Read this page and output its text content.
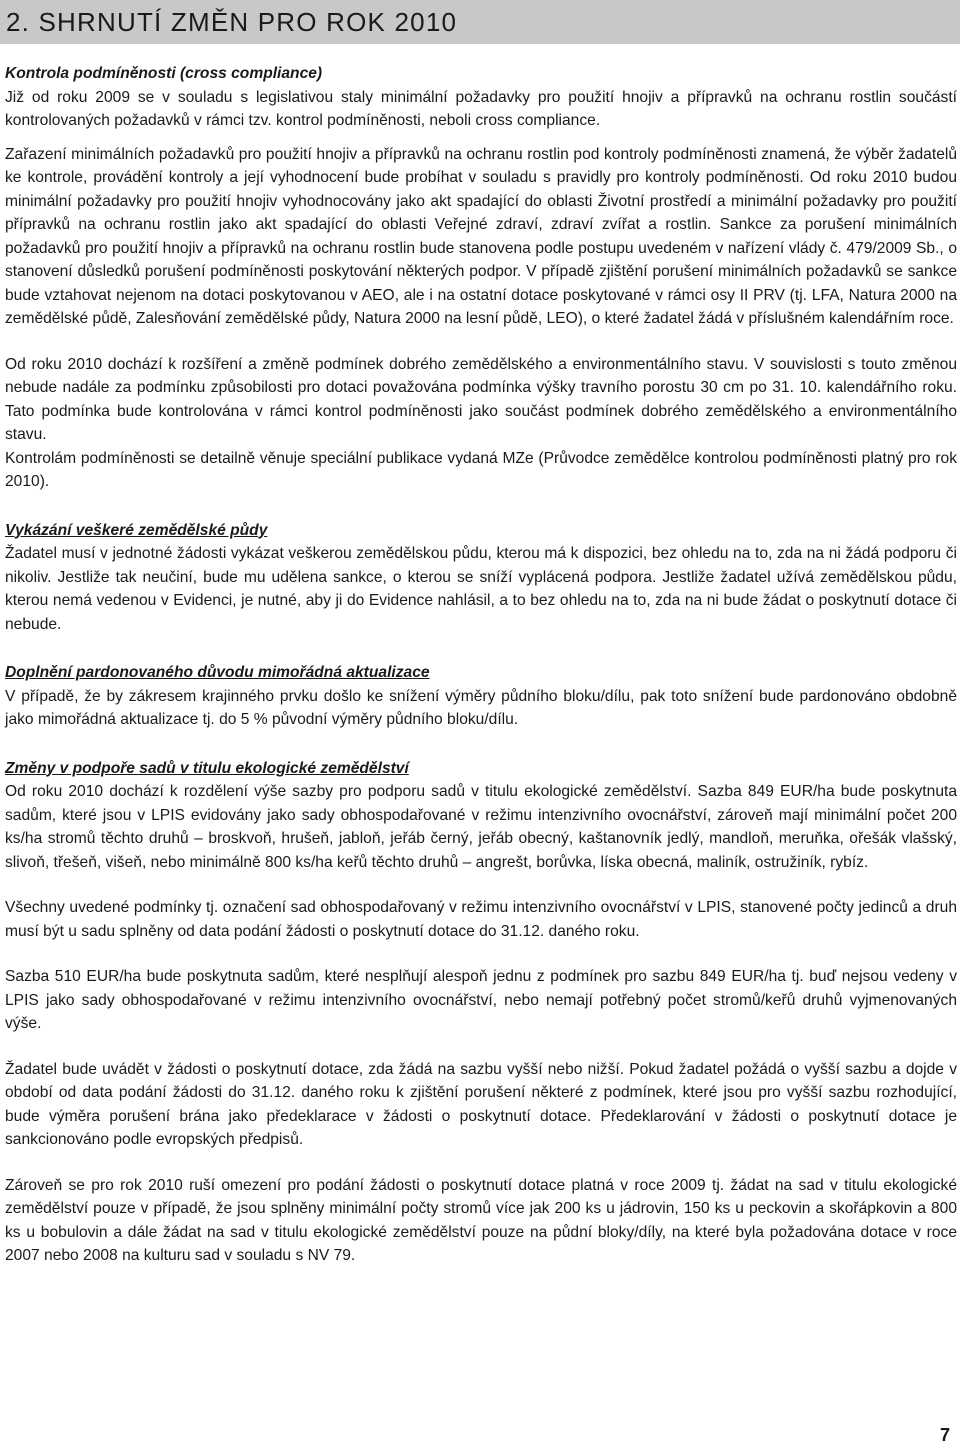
2. SHRNUTÍ ZMĚN PRO ROK 2010
Kontrola podmíněnosti (cross compliance)

Již od roku 2009 se v souladu s legislativou staly minimální požadavky pro použití hnojiv a přípravků na ochranu rostlin součástí kontrolovaných požadavků v rámci tzv. kontrol podmíněnosti, neboli cross compliance.

Zařazení minimálních požadavků pro použití hnojiv a přípravků na ochranu rostlin pod kontroly podmíněnosti znamená, že výběr žadatelů ke kontrole, provádění kontroly a její vyhodnocení bude probíhat v souladu s pravidly pro kontroly podmíněnosti. Od roku 2010 budou minimální požadavky pro použití hnojiv vyhodnocovány jako akt spadající do oblasti Životní prostředí a minimální požadavky pro použití přípravků na ochranu rostlin jako akt spadající do oblasti Veřejné zdraví, zdraví zvířat a rostlin. Sankce za porušení minimálních požadavků pro použití hnojiv a přípravků na ochranu rostlin bude stanovena podle postupu uvedeném v nařízení vlády č. 479/2009 Sb., o stanovení důsledků porušení podmíněnosti poskytování některých podpor. V případě zjištění porušení minimálních požadavků se sankce bude vztahovat nejenom na dotaci poskytovanou v AEO, ale i na ostatní dotace poskytované v rámci osy II PRV (tj. LFA, Natura 2000 na zemědělské půdě, Zalesňování zemědělské půdy, Natura 2000 na lesní půdě, LEO), o které žadatel žádá v příslušném kalendářním roce.

Od roku 2010 dochází k rozšíření a změně podmínek dobrého zemědělského a environmentálního stavu. V souvislosti s touto změnou nebude nadále za podmínku způsobilosti pro dotaci považována podmínka výšky travního porostu 30 cm po 31. 10. kalendářního roku. Tato podmínka bude kontrolována v rámci kontrol podmíněnosti jako součást podmínek dobrého zemědělského a environmentálního stavu.

Kontrolám podmíněnosti se detailně věnuje speciální publikace vydaná MZe (Průvodce zemědělce kontrolou podmíněnosti platný pro rok 2010).

Vykázání veškeré zemědělské půdy

Žadatel musí v jednotné žádosti vykázat veškerou zemědělskou půdu, kterou má k dispozici, bez ohledu na to, zda na ni žádá podporu či nikoliv. Jestliže tak neučiní, bude mu udělena sankce, o kterou se sníží vyplácená podpora. Jestliže žadatel užívá zemědělskou půdu, kterou nemá vedenou v Evidenci, je nutné, aby ji do Evidence nahlásil, a to bez ohledu na to, zda na ni bude žádat o poskytnutí dotace či nebude.

Doplnění pardonovaného důvodu mimořádná aktualizace

V případě, že by zákresem krajinného prvku došlo ke snížení výměry půdního bloku/dílu, pak toto snížení bude pardonováno obdobně jako mimořádná aktualizace tj. do 5 % původní výměry půdního bloku/dílu.

Změny v podpoře sadů v titulu ekologické zemědělství

Od roku 2010 dochází k rozdělení výše sazby pro podporu sadů v titulu ekologické zemědělství. Sazba 849 EUR/ha bude poskytnuta sadům, které jsou v LPIS evidovány jako sady obhospodařované v režimu intenzivního ovocnářství, zároveň mají minimální počet 200 ks/ha stromů těchto druhů – broskvoň, hrušeň, jabloň, jeřáb černý, jeřáb obecný, kaštanovník jedlý, mandloň, meruňka, ořešák vlašský, slivoň, třešeň, višeň, nebo minimálně 800 ks/ha keřů těchto druhů – angrešt, borůvka, líska obecná, maliník, ostružiník, rybíz.

Všechny uvedené podmínky tj. označení sad obhospodařovaný v režimu intenzivního ovocnářství v LPIS, stanovené počty jedinců a druh musí být u sadu splněny od data podání žádosti o poskytnutí dotace do 31.12. daného roku.

Sazba 510 EUR/ha bude poskytnuta sadům, které nesplňují alespoň jednu z podmínek pro sazbu 849 EUR/ha tj. buď nejsou vedeny v LPIS jako sady obhospodařované v režimu intenzivního ovocnářství, nebo nemají potřebný počet stromů/keřů druhů vyjmenovaných výše.

Žadatel bude uvádět v žádosti o poskytnutí dotace, zda žádá na sazbu vyšší nebo nižší. Pokud žadatel požádá o vyšší sazbu a dojde v období od data podání žádosti do 31.12. daného roku k zjištění porušení některé z podmínek, které jsou pro vyšší sazbu rozhodující, bude výměra porušení brána jako předeklarace v žádosti o poskytnutí dotace. Předeklarování v žádosti o poskytnutí dotace je sankcionováno podle evropských předpisů.

Zároveň se pro rok 2010 ruší omezení pro podání žádosti o poskytnutí dotace platná v roce 2009 tj. žádat na sad v titulu ekologické zemědělství pouze v případě, že jsou splněny minimální počty stromů více jak 200 ks u jádrovin, 150 ks u peckovin a skořápkovin a 800 ks u bobulovin a dále žádat na sad v titulu ekologické zemědělství pouze na půdní bloky/díly, na které byla požadována dotace v roce 2007 nebo 2008 na kulturu sad v souladu s NV 79.

7
